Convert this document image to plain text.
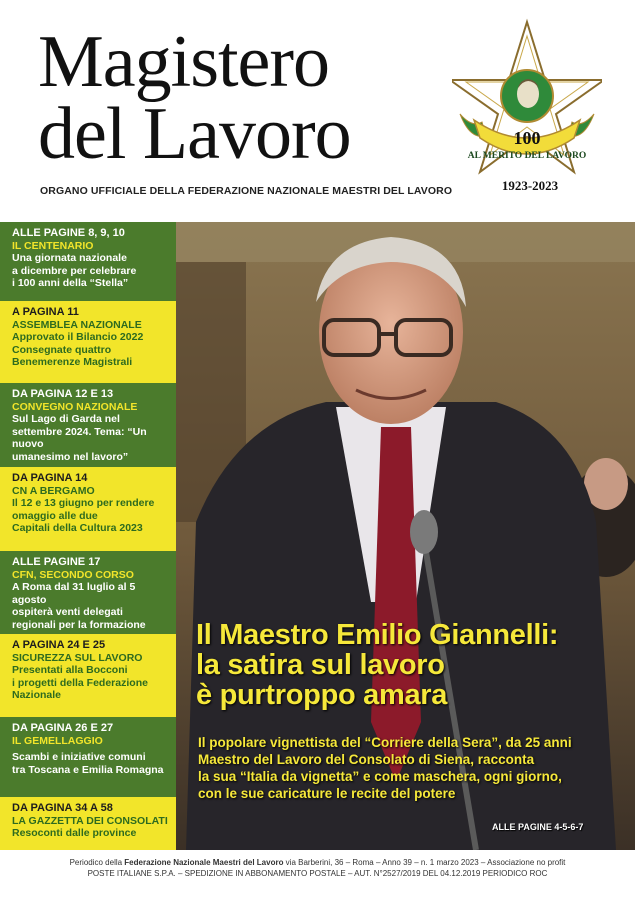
Magistero
del Lavoro
ORGANO UFFICIALE DELLA FEDERAZIONE NAZIONALE MAESTRI DEL LAVORO
100
AL MERITO DEL LAVORO
1923-2023
ALLE PAGINE 8, 9, 10
IL CENTENARIO
Una giornata nazionale
a dicembre per celebrare
i 100 anni della “Stella”
A PAGINA 11
ASSEMBLEA NAZIONALE
Approvato il Bilancio 2022
Consegnate quattro
Benemerenze Magistrali
DA PAGINA 12 E 13
CONVEGNO NAZIONALE
Sul Lago di Garda nel
settembre 2024. Tema: “Un nuovo
umanesimo nel lavoro”
DA PAGINA 14
CN A BERGAMO
Il 12 e 13 giugno per rendere
omaggio alle due
Capitali della Cultura 2023
ALLE PAGINE 17
CFN, SECONDO CORSO
A Roma dal 31 luglio al 5 agosto
ospiterà venti delegati
regionali per la formazione
A PAGINA 24 E 25
SICUREZZA SUL LAVORO
Presentati alla Bocconi
i progetti della Federazione
Nazionale
DA PAGINA 26 E 27
IL GEMELLAGGIO
Scambi e iniziative comuni
tra Toscana e Emilia Romagna
DA PAGINA 34 A 58
LA GAZZETTA DEI CONSOLATI
Resoconti dalle province
Il Maestro Emilio Giannelli:
la satira sul lavoro
è purtroppo amara
Il popolare vignettista del “Corriere della Sera”, da 25 anni
Maestro del Lavoro del Consolato di Siena, racconta
la sua “Italia da vignetta” e come maschera, ogni giorno,
con le sue caricature le recite del potere
ALLE PAGINE 4-5-6-7
Periodico della Federazione Nazionale Maestri del Lavoro via Barberini, 36 – Roma – Anno 39 – n. 1 marzo 2023 – Associazione no profit
POSTE ITALIANE S.P.A. – SPEDIZIONE IN ABBONAMENTO POSTALE – AUT. N°2527/2019 DEL 04.12.2019 PERIODICO ROC
